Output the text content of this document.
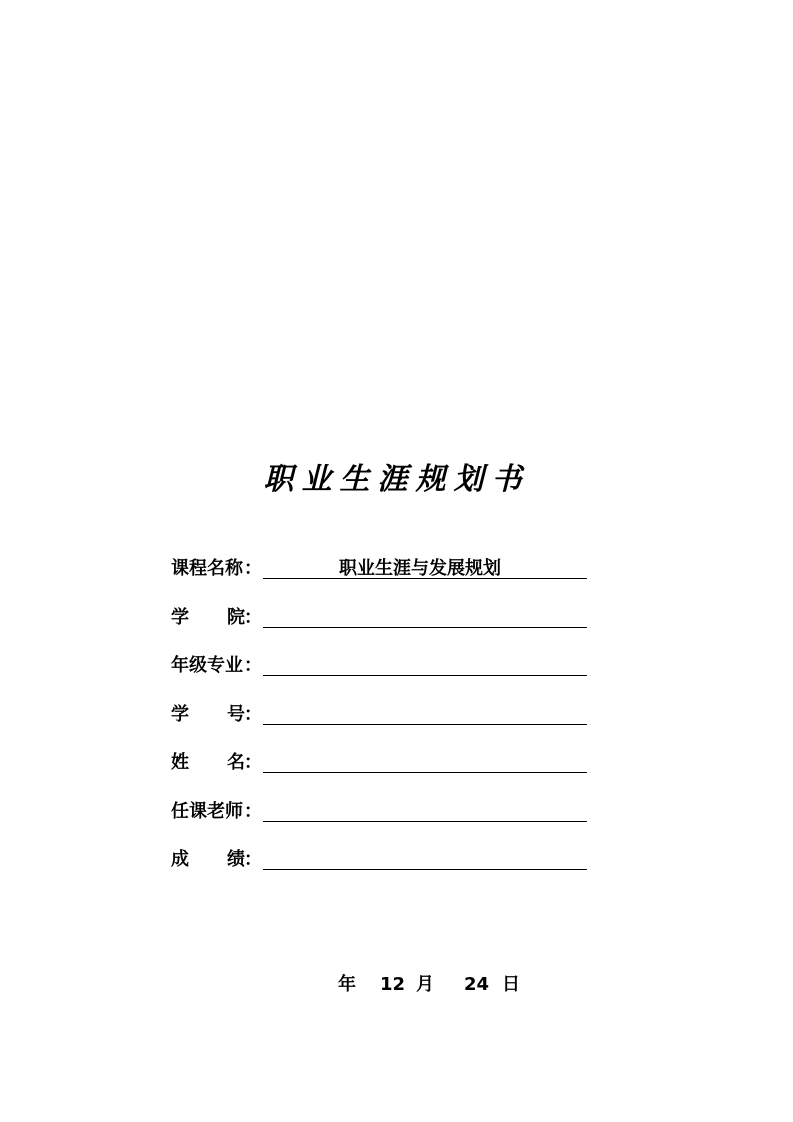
职业生涯规划书
课程名称 ：	职业生涯与发展规划
学 院 ：
年级专业 ：
学 号 ：
姓 名 ：
任课老师 ：
成 绩 ：
年 12 月 24 日
